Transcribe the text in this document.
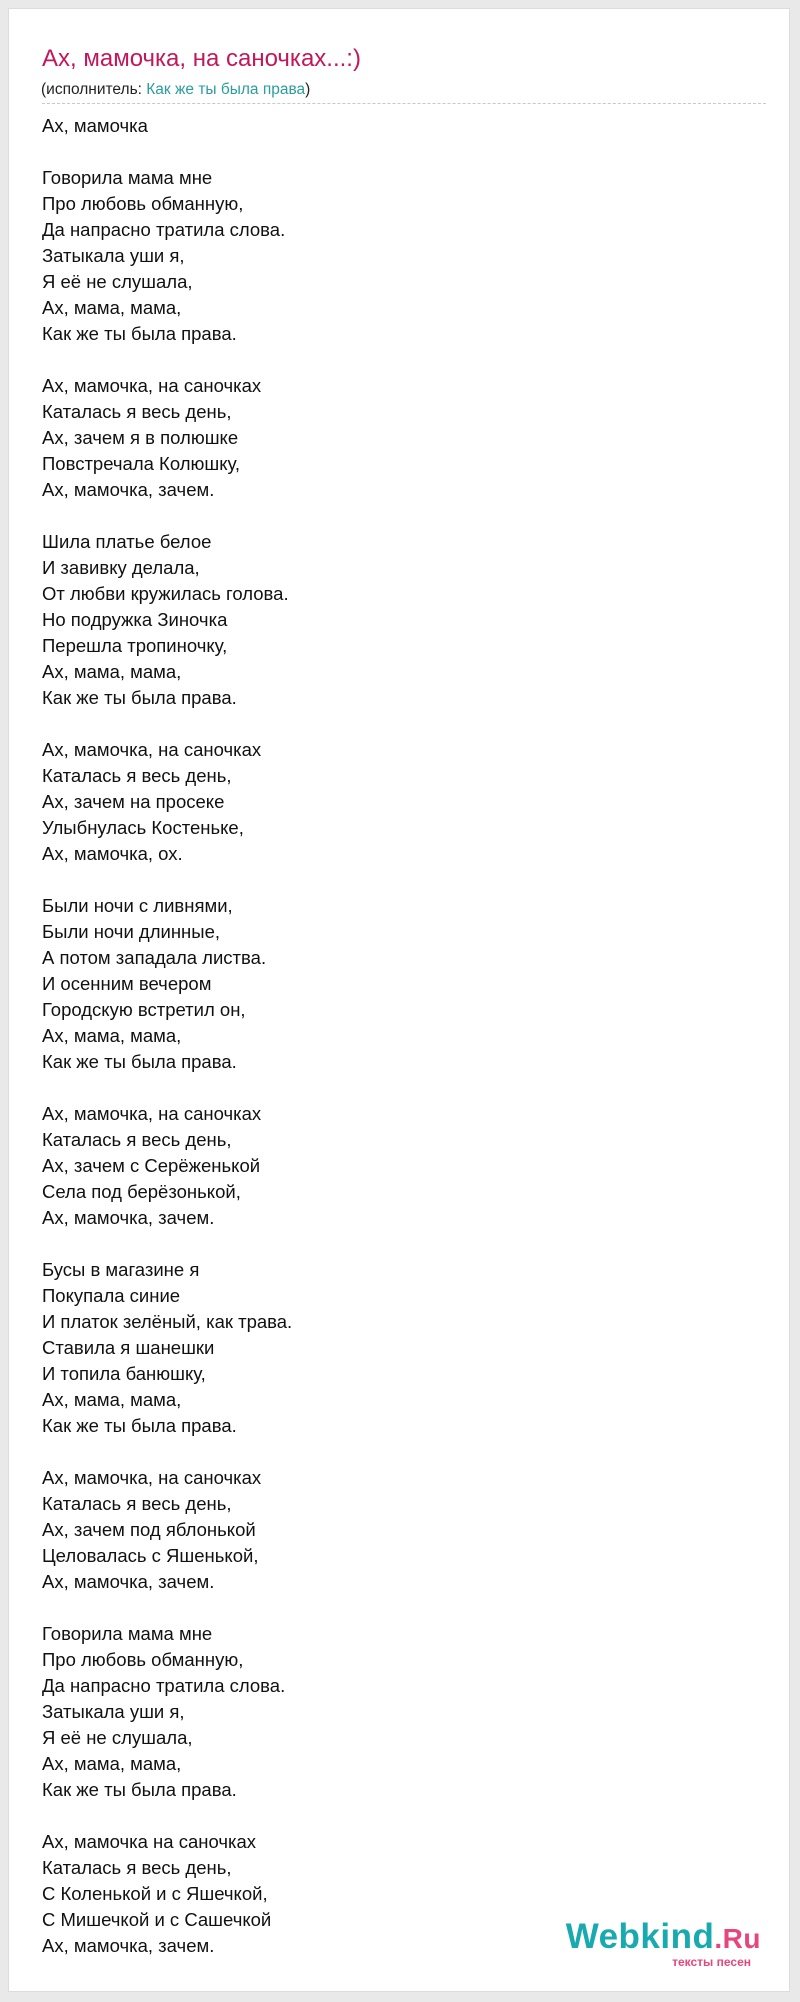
Ах, мамочка, на саночках...:)
(исполнитель: Как же ты была права)
Ах, мамочка
Говорила мама мне
Про любовь обманную,
Да напрасно тратила слова.
Затыкала уши я,
Я её не слушала,
Ах, мама, мама,
Как же ты была права.
Ах, мамочка, на саночках
Каталась я весь день,
Ах, зачем я в полюшке
Повстречала Колюшку,
Ах, мамочка, зачем.
Шила платье белое
И завивку делала,
От любви кружилась голова.
Но подружка Зиночка
Перешла тропиночку,
Ах, мама, мама,
Как же ты была права.
Ах, мамочка, на саночках
Каталась я весь день,
Ах, зачем на просеке
Улыбнулась Костеньке,
Ах, мамочка, ох.
Были ночи с ливнями,
Были ночи длинные,
А потом западала листва.
И осенним вечером
Городскую встретил он,
Ах, мама, мама,
Как же ты была права.
Ах, мамочка, на саночках
Каталась я весь день,
Ах, зачем с Серёженькой
Села под берёзонькой,
Ах, мамочка, зачем.
Бусы в магазине я
Покупала синие
И платок зелёный, как трава.
Ставила я шанешки
И топила банюшку,
Ах, мама, мама,
Как же ты была права.
Ах, мамочка, на саночках
Каталась я весь день,
Ах, зачем под яблонькой
Целовалась с Яшенькой,
Ах, мамочка, зачем.
Говорила мама мне
Про любовь обманную,
Да напрасно тратила слова.
Затыкала уши я,
Я её не слушала,
Ах, мама, мама,
Как же ты была права.
Ах, мамочка на саночках
Каталась я весь день,
С Коленькой и с Яшечкой,
С Мишечкой и с Сашечкой
Ах, мамочка, зачем.	Webkind.Ru
тексты песен
